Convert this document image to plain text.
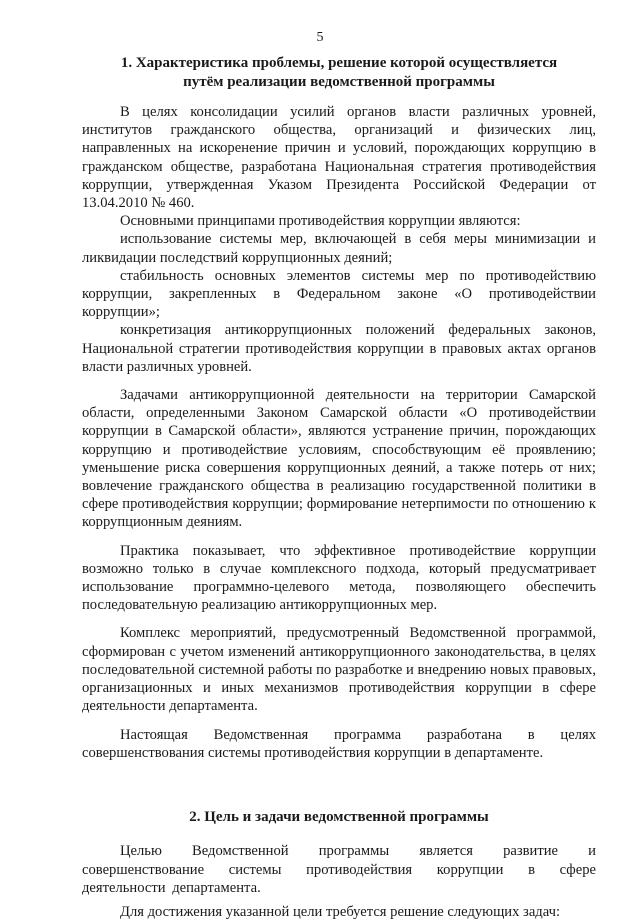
5
1. Характеристика проблемы, решение которой осуществляется
путём реализации ведомственной программы

В целях консолидации усилий органов власти различных уровней, институтов гражданского общества, организаций и физических лиц, направленных на искоренение причин и условий, порождающих коррупцию в гражданском обществе, разработана Национальная стратегия противодействия коррупции, утвержденная Указом Президента Российской Федерации от 13.04.2010 № 460.

Основными принципами противодействия коррупции являются:

использование системы мер, включающей в себя меры минимизации и ликвидации последствий коррупционных деяний;

стабильность основных элементов системы мер по противодействию коррупции, закрепленных в Федеральном законе «О противодействии коррупции»;

конкретизация антикоррупционных положений федеральных законов, Национальной стратегии противодействия коррупции в правовых актах органов власти различных уровней.

Задачами антикоррупционной деятельности на территории Самарской области, определенными Законом Самарской области «О противодействии коррупции в Самарской области», являются устранение причин, порождающих коррупцию и противодействие условиям, способствующим её проявлению; уменьшение риска совершения коррупционных деяний, а также потерь от них; вовлечение гражданского общества в реализацию государственной политики в сфере противодействия коррупции; формирование нетерпимости по отношению к коррупционным деяниям.

Практика показывает, что эффективное противодействие коррупции возможно только в случае комплексного подхода, который предусматривает использование программно-целевого метода, позволяющего обеспечить последовательную реализацию антикоррупционных мер.

Комплекс мероприятий, предусмотренный Ведомственной программой, сформирован с учетом изменений антикоррупционного законодательства, в целях последовательной системной работы по разработке и внедрению новых правовых, организационных и иных механизмов противодействия коррупции в сфере деятельности департамента.

Настоящая Ведомственная программа разработана в целях совершенствования системы противодействия коррупции в департаменте.

2. Цель и задачи ведомственной программы

Целью Ведомственной программы является развитие и совершенствование системы противодействия коррупции в сфере деятельности департамента.

Для достижения указанной цели требуется решение следующих задач:
